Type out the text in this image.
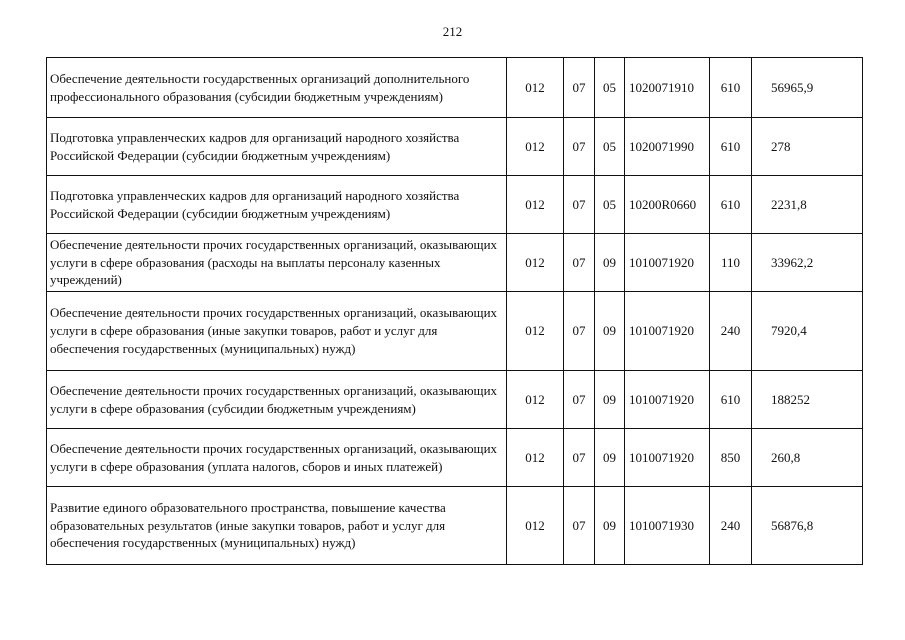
212
Обеспечение деятельности государственных организаций дополнительного профессионального образования (субсидии бюджетным учреждениям)	012	07	05	1020071910	610	56965,9
Подготовка управленческих кадров для организаций народного хозяйства Российской Федерации (субсидии бюджетным учреждениям)	012	07	05	1020071990	610	278
Подготовка управленческих кадров для организаций народного хозяйства Российской Федерации (субсидии бюджетным учреждениям)	012	07	05	10200R0660	610	2231,8
Обеспечение деятельности прочих государственных организаций, оказывающих услуги в сфере образования (расходы на выплаты персоналу казенных учреждений)	012	07	09	1010071920	110	33962,2
Обеспечение деятельности прочих государственных организаций, оказывающих услуги в сфере образования (иные закупки товаров, работ и услуг для обеспечения государственных (муниципальных) нужд)	012	07	09	1010071920	240	7920,4
Обеспечение деятельности прочих государственных организаций, оказывающих услуги в сфере образования (субсидии бюджетным учреждениям)	012	07	09	1010071920	610	188252
Обеспечение деятельности прочих государственных организаций, оказывающих услуги в сфере образования (уплата налогов, сборов и иных платежей)	012	07	09	1010071920	850	260,8
Развитие единого образовательного пространства, повышение качества образовательных результатов (иные закупки товаров, работ и услуг для обеспечения государственных (муниципальных) нужд)	012	07	09	1010071930	240	56876,8
